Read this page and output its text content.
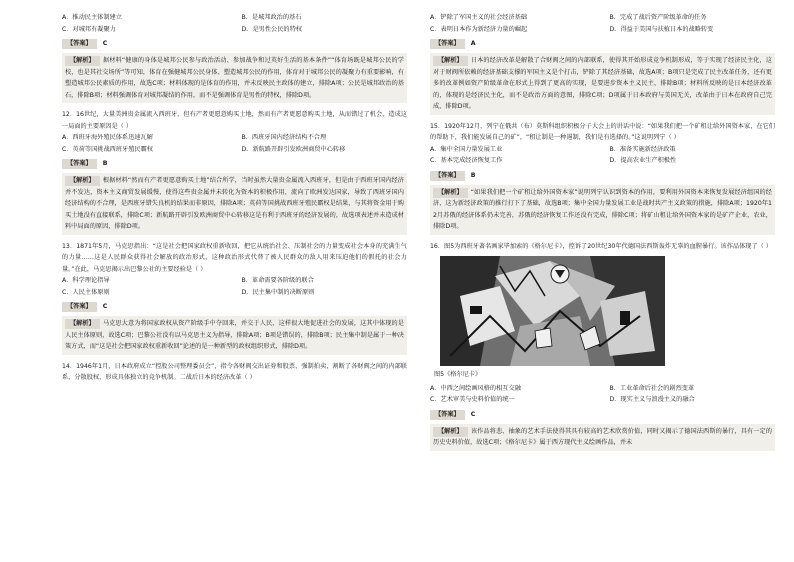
A．推动民主体制建立	B．是城邦政治的基石
C．对城邦有凝聚力	D．是男性公民的特权
【答案】 C
【解析】 据材料“健康的身体是城邦公民参与政治活动、参加战争和过英好生活的基本条件”“体育场既是城邦公民的学校，也是其社交场所”等可知，体育在强健城邦公民身体、塑造城邦公民的作用，体育对于城邦公民的凝聚力有重要影响，有塑造城邦公民素质的作用，故选C项；材料体现的是体育的作用，并未反映民主政体的建立，排除A项；公民是城邦政治的基石，排除B项；材料强调体育对城邦凝结的作用，而不是强调体育是男性的特权，排除D项。

12．16世纪，大量美洲贵金属流入西班牙，但有产者更愿意购买土地，然而有产者更愿意购买土地，从而错过了机会，造成这一局面的主要原因是（ ）

A．西班牙海外殖民体系迅速瓦解	B．西班牙国内经济结构不合理
C．英荷等国挑战西班牙殖民霸权	D．新航路开辟引发欧洲商贸中心转移
【答案】 B
【解析】 根据材料“然而有产者更愿意购买土地”结合所学，当时虽然大量贵金属流入西班牙，但是由于西班牙国内经济并不发达，资本主义商贸发展缓慢，使得这些贵金属并未转化为资本的积极作用，流向了欧洲发达国家，导致了西班牙国内经济结构的不合理，是西班牙错失良机的结果而非原因，排除A项；英荷等国挑战西班牙殖民霸权是结果，与其将资金用于购买土地没有直接联系，排除C项；新航路开辟引发欧洲商贸中心转移这是有利于西班牙的经济发展的，故选项表述并未造成材料中局面的原因，排除D项。

13．1871年5月，马克思指出：“这是社会把国家政权重新收回，把它从统治社会、压制社会的力量变成社会本身的充满生气的力量……这是人民群众获得社会解放的政治形式，这种政治形式代替了被人民群众的敌人用来压迫他们的假托的社会力量。”在此，马克思揭示出巴黎公社的主要经验是（ ）

A．科学理论指导	B．革命需要各阶级的联合
C．人民主体原则	D．民主集中制的决断原则
【答案】 C
【解析】 马克思大意为将国家政权从资产阶级手中夺回来，并交于人民，这样很大地促进社会的发展，这其中体现的是人民主体原则，故选C项；巴黎公社没有以马克思主义为指导，排除A项；B项是错误的，排除B项；民主集中制是属于一种决策方式，而“这是社会把国家政权重新收回”论述的是一种新型的政权组织形式，排除D项。

14．1946年1月，日本政府成立“控股公司整理委员会”，指令各财阀交出证券和股票，强制拍卖，割断了各财阀之间的内部联系，分散股权，形成具体独立的竞争机制。二战后日本的经济改革（ ）

A．铲除了军国主义的社会经济基础	B．完成了战后资产阶级革命的任务
C．表明日本作为新经济力量的崛起	D．得益于美国与扶植日本的战略转变
【答案】 A
【解析】 日本的经济改革是解散了合财阀之间的内部联系，使得其开始形成竞争机制形成，等于实现了经济民主化，这对于财阀所依赖的经济基础支撑的军国主义是个打击，铲除了其经济基础，故选A项；B项只是完成了民主改革任务，还有更多的改革例如资产阶级革命在形式上得到了更高的实现，是要进步资本主义民主，排除B项；材料所反映的是日本经济改革的，体现的是经济民主化，而不是政治方面的意图，排除C项；D项属于日本政府与美国无关，改革由于日本在政府自己完成，排除D项。

15．1920年12月，列宁在俄共（布）莫斯科组织积极分子大会上的讲话中说：“如果我们把一个矿租让给外国资本家，在它们的帮助下，我们能发展自己的矿”，“租让制是一种遏制，我们是有选择的。”这说明列宁（ ）

A．集中全国力量发展工业	B．准备实施新经济政策
C．基本完成经济恢复工作	D．提高农业生产积极性
【答案】 B
【解析】 “如果我们把一个矿租让给外国资本家”说明列宁认识到资本的作用，要利用外国资本来恢复发展经济组国的经济，这为新经济政策的推行打下了基础，故选B项；集中全国力量发展工业是战时共产主义政策的措施，排除A项；1920年12月苏俄的经济体系仍未完善，苏俄的经济恢复工作还没有完成，排除C项；将矿山租让给外国资本家的是矿产企业，农业，排除D项。

16．图5为西班牙著名画家毕加索的《格尔尼卡》，控诉了20世纪30年代德国法西斯轰炸无辜的血腥暴行。该作品体现了（ ）

图5《格尔尼卡》
A．中西之间绘画风格的相互交融	B．工业革命后社会的剧烈变革
C．艺术审美与史料价值的统一	D．现实主义与浪漫主义的融合
【答案】 C
【解析】 该作品将悲、抽象的艺术手法使得其具有较高的艺术欣赏价值，同时又揭示了德国法西斯的暴行，具有一定的历史史料价值，故选C项；《格尔尼卡》属于西方现代主义绘画作品，并未
